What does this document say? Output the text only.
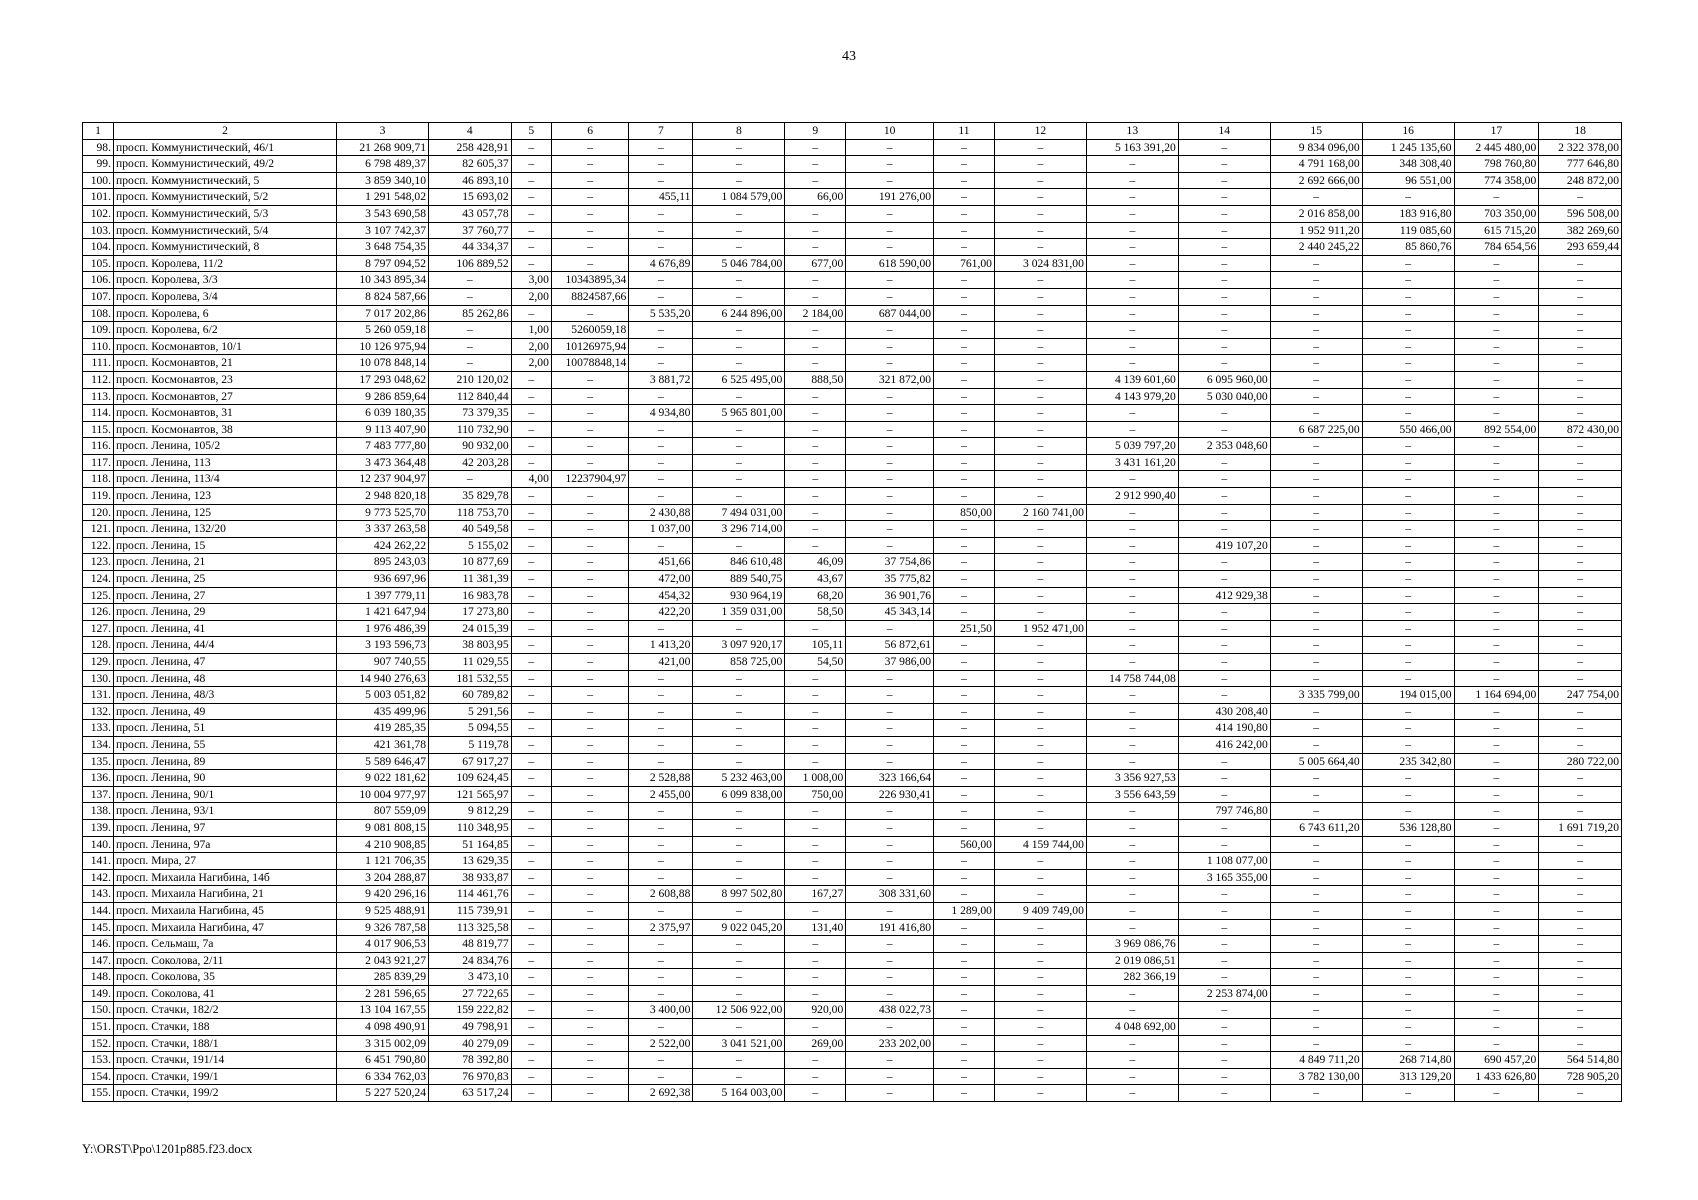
43
1	2	3	4	5	6	7	8	9	10	11	12	13	14	15	16	17	18
98.	просп. Коммунистический, 46/1	21 268 909,71	258 428,91	–	–	–	–	–	–	–	–	5 163 391,20	–	9 834 096,00	1 245 135,60	2 445 480,00	2 322 378,00
99.	просп. Коммунистический, 49/2	6 798 489,37	82 605,37	–	–	–	–	–	–	–	–	–	–	4 791 168,00	348 308,40	798 760,80	777 646,80
100.	просп. Коммунистический, 5	3 859 340,10	46 893,10	–	–	–	–	–	–	–	–	–	–	2 692 666,00	96 551,00	774 358,00	248 872,00
101.	просп. Коммунистический, 5/2	1 291 548,02	15 693,02	–	–	455,11	1 084 579,00	66,00	191 276,00	–	–	–	–	–	–	–	–
102.	просп. Коммунистический, 5/3	3 543 690,58	43 057,78	–	–	–	–	–	–	–	–	–	–	2 016 858,00	183 916,80	703 350,00	596 508,00
103.	просп. Коммунистический, 5/4	3 107 742,37	37 760,77	–	–	–	–	–	–	–	–	–	–	1 952 911,20	119 085,60	615 715,20	382 269,60
104.	просп. Коммунистический, 8	3 648 754,35	44 334,37	–	–	–	–	–	–	–	–	–	–	2 440 245,22	85 860,76	784 654,56	293 659,44
105.	просп. Королева, 11/2	8 797 094,52	106 889,52	–	–	4 676,89	5 046 784,00	677,00	618 590,00	761,00	3 024 831,00	–	–	–	–	–	–
106.	просп. Королева, 3/3	10 343 895,34	–	3,00	10343895,34	–	–	–	–	–	–	–	–	–	–	–	–
107.	просп. Королева, 3/4	8 824 587,66	–	2,00	8824587,66	–	–	–	–	–	–	–	–	–	–	–	–
108.	просп. Королева, 6	7 017 202,86	85 262,86	–	–	5 535,20	6 244 896,00	2 184,00	687 044,00	–	–	–	–	–	–	–	–
109.	просп. Королева, 6/2	5 260 059,18	–	1,00	5260059,18	–	–	–	–	–	–	–	–	–	–	–	–
110.	просп. Космонавтов, 10/1	10 126 975,94	–	2,00	10126975,94	–	–	–	–	–	–	–	–	–	–	–	–
111.	просп. Космонавтов, 21	10 078 848,14	–	2,00	10078848,14	–	–	–	–	–	–	–	–	–	–	–	–
112.	просп. Космонавтов, 23	17 293 048,62	210 120,02	–	–	3 881,72	6 525 495,00	888,50	321 872,00	–	–	4 139 601,60	6 095 960,00	–	–	–	–
113.	просп. Космонавтов, 27	9 286 859,64	112 840,44	–	–	–	–	–	–	–	–	4 143 979,20	5 030 040,00	–	–	–	–
114.	просп. Космонавтов, 31	6 039 180,35	73 379,35	–	–	4 934,80	5 965 801,00	–	–	–	–	–	–	–	–	–	–
115.	просп. Космонавтов, 38	9 113 407,90	110 732,90	–	–	–	–	–	–	–	–	–	–	6 687 225,00	550 466,00	892 554,00	872 430,00
116.	просп. Ленина, 105/2	7 483 777,80	90 932,00	–	–	–	–	–	–	–	–	5 039 797,20	2 353 048,60	–	–	–	–
117.	просп. Ленина, 113	3 473 364,48	42 203,28	–	–	–	–	–	–	–	–	3 431 161,20	–	–	–	–	–
118.	просп. Ленина, 113/4	12 237 904,97	–	4,00	12237904,97	–	–	–	–	–	–	–	–	–	–	–	–
119.	просп. Ленина, 123	2 948 820,18	35 829,78	–	–	–	–	–	–	–	–	2 912 990,40	–	–	–	–	–
120.	просп. Ленина, 125	9 773 525,70	118 753,70	–	–	2 430,88	7 494 031,00	–	–	850,00	2 160 741,00	–	–	–	–	–	–
121.	просп. Ленина, 132/20	3 337 263,58	40 549,58	–	–	1 037,00	3 296 714,00	–	–	–	–	–	–	–	–	–	–
122.	просп. Ленина, 15	424 262,22	5 155,02	–	–	–	–	–	–	–	–	–	419 107,20	–	–	–	–
123.	просп. Ленина, 21	895 243,03	10 877,69	–	–	451,66	846 610,48	46,09	37 754,86	–	–	–	–	–	–	–	–
124.	просп. Ленина, 25	936 697,96	11 381,39	–	–	472,00	889 540,75	43,67	35 775,82	–	–	–	–	–	–	–	–
125.	просп. Ленина, 27	1 397 779,11	16 983,78	–	–	454,32	930 964,19	68,20	36 901,76	–	–	–	412 929,38	–	–	–	–
126.	просп. Ленина, 29	1 421 647,94	17 273,80	–	–	422,20	1 359 031,00	58,50	45 343,14	–	–	–	–	–	–	–	–
127.	просп. Ленина, 41	1 976 486,39	24 015,39	–	–	–	–	–	–	251,50	1 952 471,00	–	–	–	–	–	–
128.	просп. Ленина, 44/4	3 193 596,73	38 803,95	–	–	1 413,20	3 097 920,17	105,11	56 872,61	–	–	–	–	–	–	–	–
129.	просп. Ленина, 47	907 740,55	11 029,55	–	–	421,00	858 725,00	54,50	37 986,00	–	–	–	–	–	–	–	–
130.	просп. Ленина, 48	14 940 276,63	181 532,55	–	–	–	–	–	–	–	–	14 758 744,08	–	–	–	–	–
131.	просп. Ленина, 48/3	5 003 051,82	60 789,82	–	–	–	–	–	–	–	–	–	–	3 335 799,00	194 015,00	1 164 694,00	247 754,00
132.	просп. Ленина, 49	435 499,96	5 291,56	–	–	–	–	–	–	–	–	–	430 208,40	–	–	–	–
133.	просп. Ленина, 51	419 285,35	5 094,55	–	–	–	–	–	–	–	–	–	414 190,80	–	–	–	–
134.	просп. Ленина, 55	421 361,78	5 119,78	–	–	–	–	–	–	–	–	–	416 242,00	–	–	–	–
135.	просп. Ленина, 89	5 589 646,47	67 917,27	–	–	–	–	–	–	–	–	–	–	5 005 664,40	235 342,80	–	280 722,00
136.	просп. Ленина, 90	9 022 181,62	109 624,45	–	–	2 528,88	5 232 463,00	1 008,00	323 166,64	–	–	3 356 927,53	–	–	–	–	–
137.	просп. Ленина, 90/1	10 004 977,97	121 565,97	–	–	2 455,00	6 099 838,00	750,00	226 930,41	–	–	3 556 643,59	–	–	–	–	–
138.	просп. Ленина, 93/1	807 559,09	9 812,29	–	–	–	–	–	–	–	–	–	797 746,80	–	–	–	–
139.	просп. Ленина, 97	9 081 808,15	110 348,95	–	–	–	–	–	–	–	–	–	–	6 743 611,20	536 128,80	–	1 691 719,20
140.	просп. Ленина, 97а	4 210 908,85	51 164,85	–	–	–	–	–	–	560,00	4 159 744,00	–	–	–	–	–	–
141.	просп. Мира, 27	1 121 706,35	13 629,35	–	–	–	–	–	–	–	–	–	1 108 077,00	–	–	–	–
142.	просп. Михаила Нагибина, 14б	3 204 288,87	38 933,87	–	–	–	–	–	–	–	–	–	3 165 355,00	–	–	–	–
143.	просп. Михаила Нагибина, 21	9 420 296,16	114 461,76	–	–	2 608,88	8 997 502,80	167,27	308 331,60	–	–	–	–	–	–	–	–
144.	просп. Михаила Нагибина, 45	9 525 488,91	115 739,91	–	–	–	–	–	–	1 289,00	9 409 749,00	–	–	–	–	–	–
145.	просп. Михаила Нагибина, 47	9 326 787,58	113 325,58	–	–	2 375,97	9 022 045,20	131,40	191 416,80	–	–	–	–	–	–	–	–
146.	просп. Сельмаш, 7а	4 017 906,53	48 819,77	–	–	–	–	–	–	–	–	3 969 086,76	–	–	–	–	–
147.	просп. Соколова, 2/11	2 043 921,27	24 834,76	–	–	–	–	–	–	–	–	2 019 086,51	–	–	–	–	–
148.	просп. Соколова, 35	285 839,29	3 473,10	–	–	–	–	–	–	–	–	282 366,19	–	–	–	–	–
149.	просп. Соколова, 41	2 281 596,65	27 722,65	–	–	–	–	–	–	–	–	–	2 253 874,00	–	–	–	–
150.	просп. Стачки, 182/2	13 104 167,55	159 222,82	–	–	3 400,00	12 506 922,00	920,00	438 022,73	–	–	–	–	–	–	–	–
151.	просп. Стачки, 188	4 098 490,91	49 798,91	–	–	–	–	–	–	–	–	4 048 692,00	–	–	–	–	–
152.	просп. Стачки, 188/1	3 315 002,09	40 279,09	–	–	2 522,00	3 041 521,00	269,00	233 202,00	–	–	–	–	–	–	–	–
153.	просп. Стачки, 191/14	6 451 790,80	78 392,80	–	–	–	–	–	–	–	–	–	–	4 849 711,20	268 714,80	690 457,20	564 514,80
154.	просп. Стачки, 199/1	6 334 762,03	76 970,83	–	–	–	–	–	–	–	–	–	–	3 782 130,00	313 129,20	1 433 626,80	728 905,20
155.	просп. Стачки, 199/2	5 227 520,24	63 517,24	–	–	2 692,38	5 164 003,00	–	–	–	–	–	–	–	–	–	–
Y:\ORST\Ppo\1201p885.f23.docx
